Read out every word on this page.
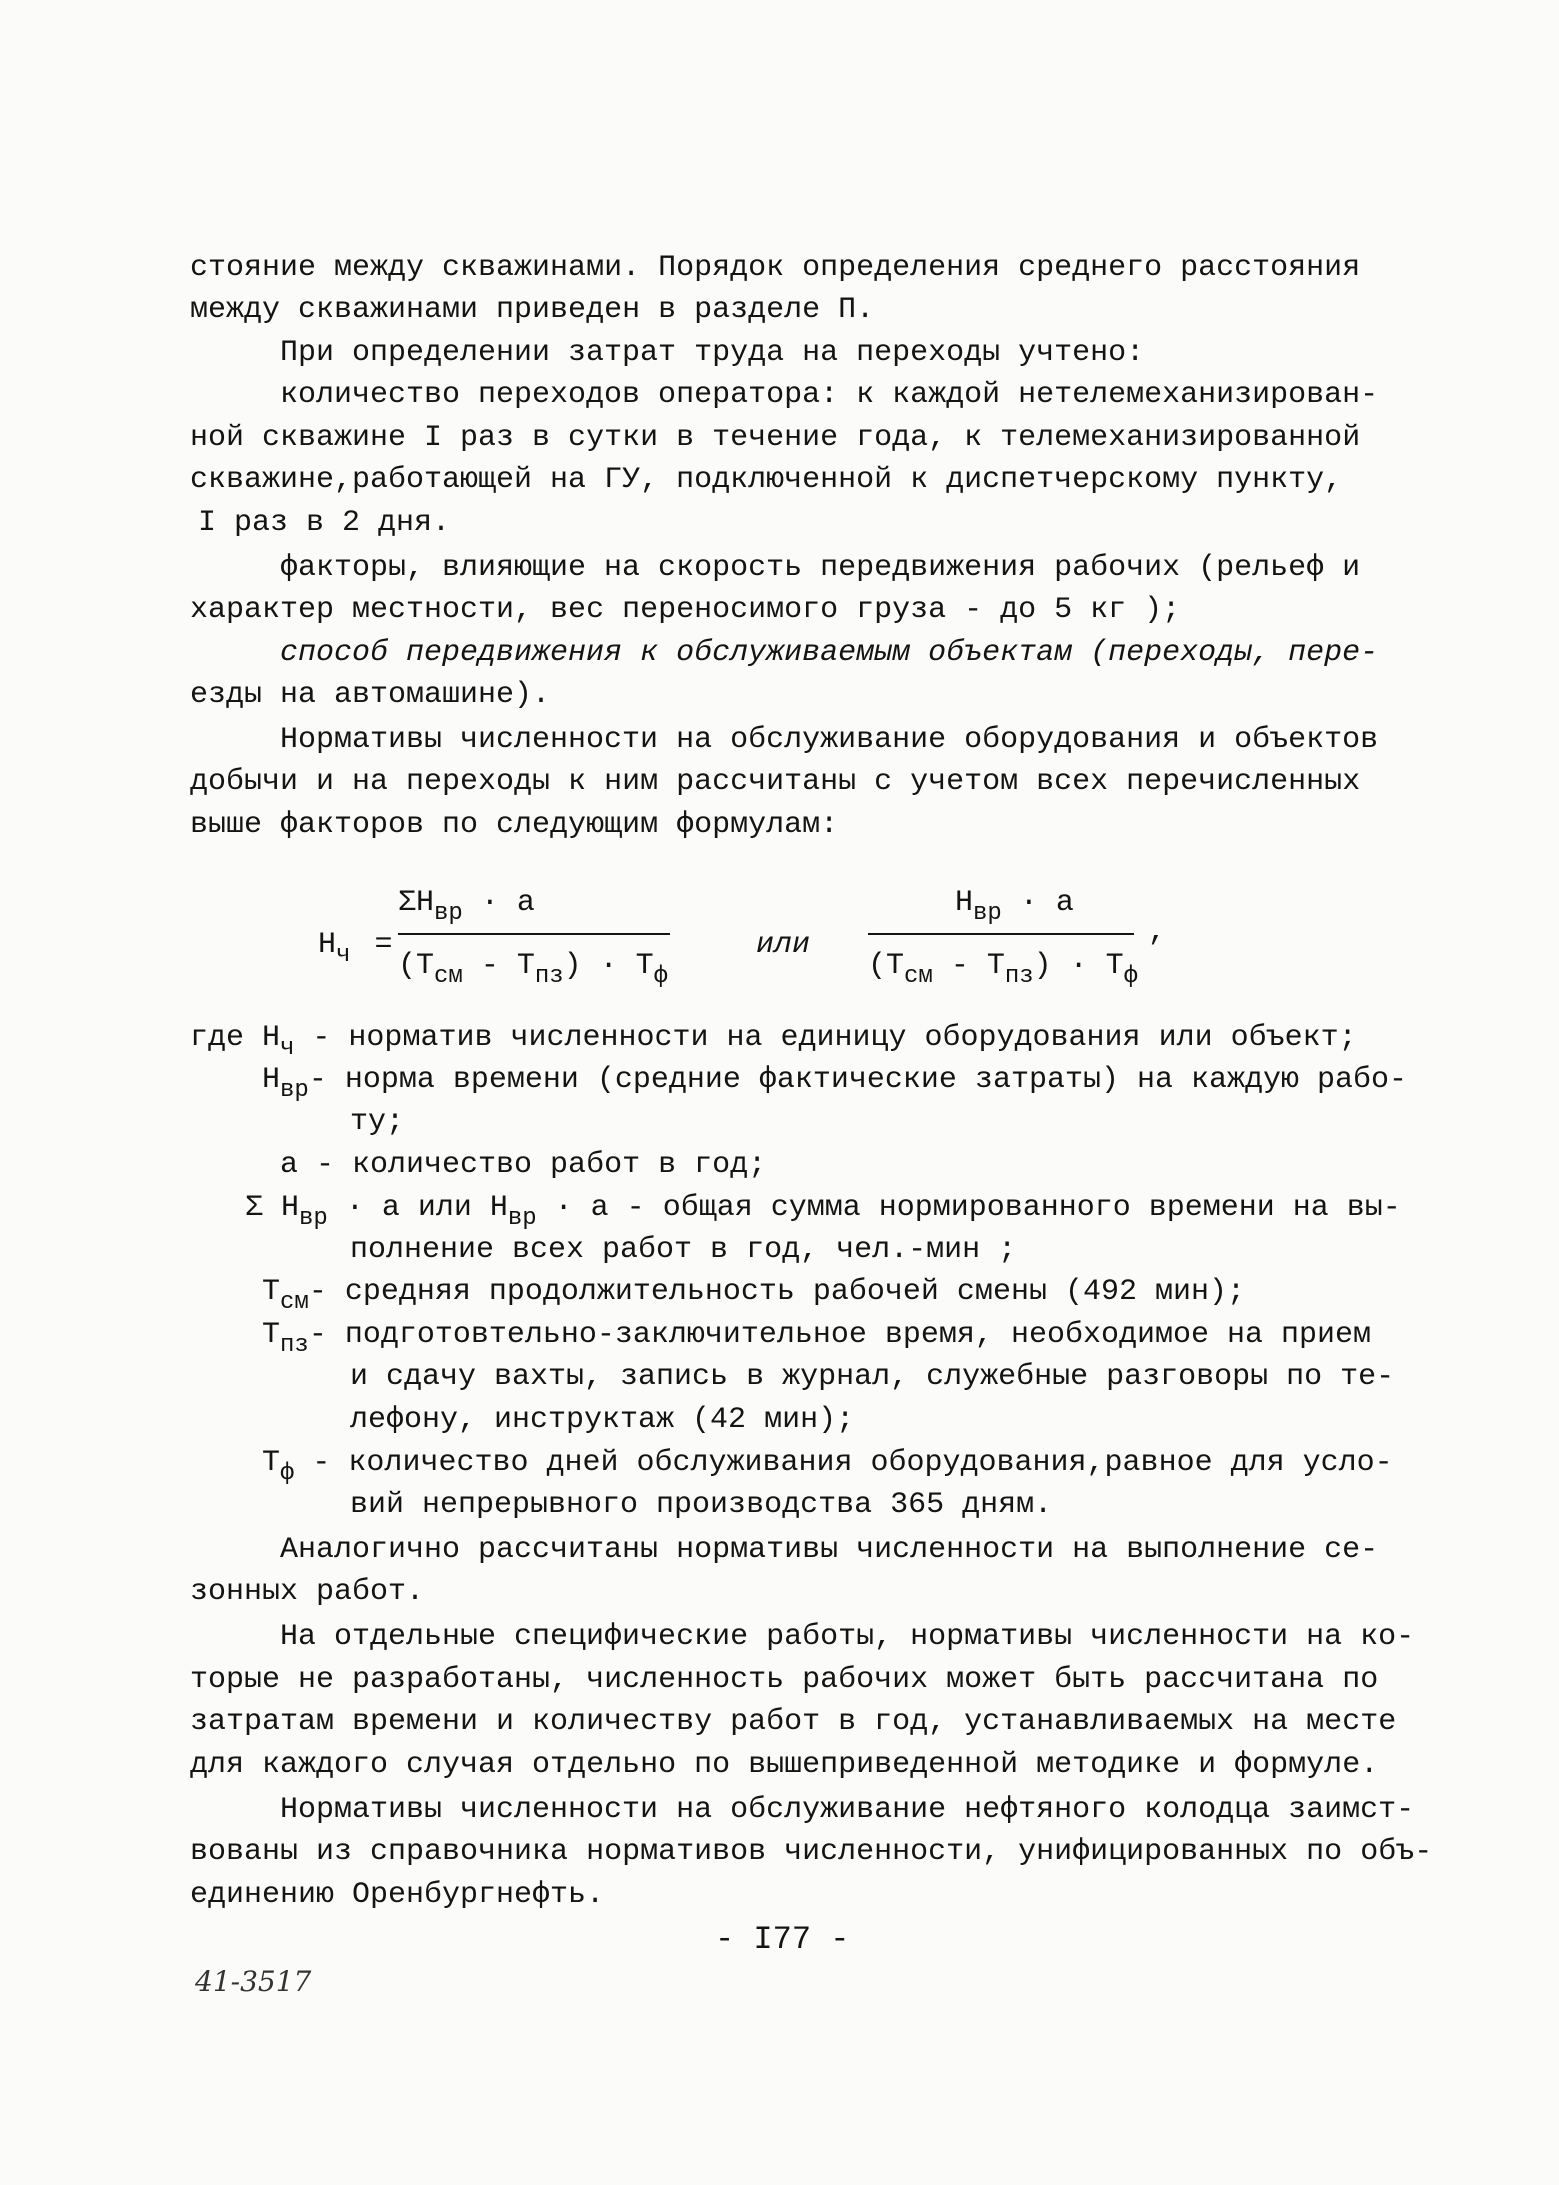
стояние между скважинами. Порядок определения среднего расстояния
между скважинами приведен в разделе П.
При определении затрат труда на переходы учтено:
количество переходов оператора: к каждой нетелемеханизирован-
ной скважине I раз в сутки в течение года, к телемеханизированной
скважине,работающей на ГУ, подключенной к диспетчерскому пункту,
I раз в 2 дня.
факторы, влияющие на скорость передвижения рабочих (рельеф и
характер местности, вес переносимого груза - до 5 кг );
способ передвижения к обслуживаемым объектам (переходы, пере-
езды на автомашине).
Нормативы численности на обслуживание оборудования и объектов
добычи и на переходы к ним рассчитаны с учетом всех перечисленных
выше факторов по следующим формулам:
$Н_ч$ =
$\Sigma Н_{вр} \cdot a$
$(Т_{см} - Т_{пз}) \cdot Т_ф$
или
$Н_{вр} \cdot a$
$(Т_{см} - Т_{пз}) \cdot Т_ф$
,
где $Н_ч$ - норматив численности на единицу оборудования или объект;
$Н_{вр}-$ норма времени (средние фактические затраты) на каждую рабо-
ту;
а - количество работ в год;
Σ $Н_{вр} \cdot а$ или $Н_{вр} \cdot а$ - общая сумма нормированного времени на вы-
полнение всех работ в год, чел.-мин ;
$Т_{см}-$ средняя продолжительность рабочей смены (492 мин);
$Т_{пз}-$ подготовтельно-заключительное время, необходимое на прием
и сдачу вахты, запись в журнал, служебные разговоры по те-
лефону, инструктаж (42 мин);
$Т_ф$ - количество дней обслуживания оборудования,равное для усло-
вий непрерывного производства 365 дням.
Аналогично рассчитаны нормативы численности на выполнение се-
зонных работ.
На отдельные специфические работы, нормативы численности на ко-
торые не разработаны, численность рабочих может быть рассчитана по
затратам времени и количеству работ в год, устанавливаемых на месте
для каждого случая отдельно по вышеприведенной методике и формуле.
Нормативы численности на обслуживание нефтяного колодца заимст-
вованы из справочника нормативов численности, унифицированных по объ-
единению Оренбургнефть.
- I77 -
41-3517
